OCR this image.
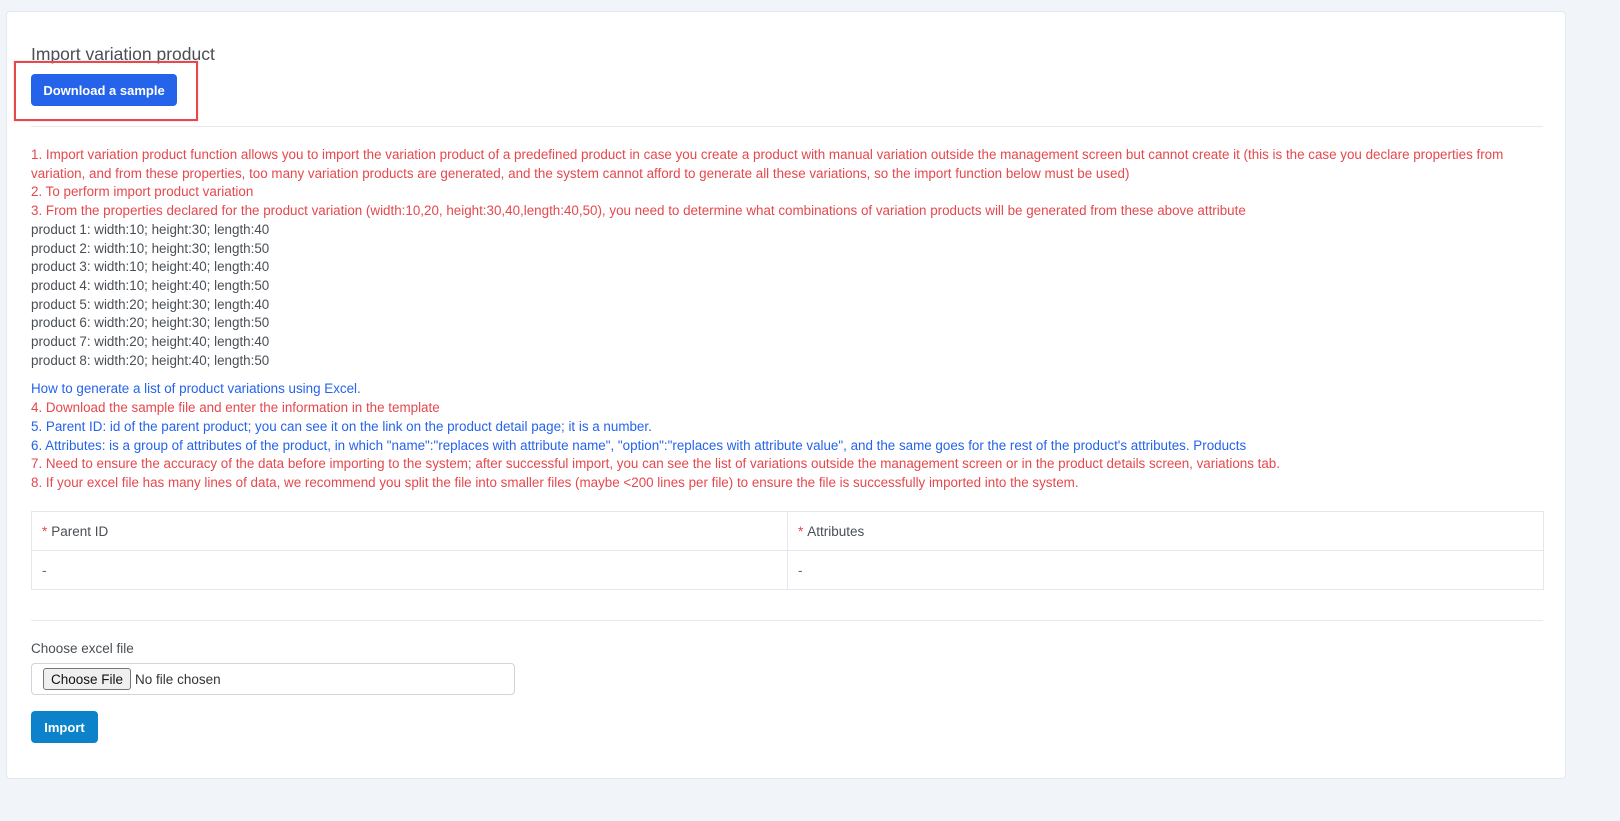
Import variation product
Download a sample
1. Import variation product function allows you to import the variation product of a predefined product in case you create a product with manual variation outside the management screen but cannot create it (this is the case you declare properties from variation, and from these properties, too many variation products are generated, and the system cannot afford to generate all these variations, so the import function below must be used)
2. To perform import product variation
3. From the properties declared for the product variation (width:10,20, height:30,40,length:40,50), you need to determine what combinations of variation products will be generated from these above attribute
product 1: width:10; height:30; length:40
product 2: width:10; height:30; length:50
product 3: width:10; height:40; length:40
product 4: width:10; height:40; length:50
product 5: width:20; height:30; length:40
product 6: width:20; height:30; length:50
product 7: width:20; height:40; length:40
product 8: width:20; height:40; length:50
How to generate a list of product variations using Excel.
4. Download the sample file and enter the information in the template
5. Parent ID: id of the parent product; you can see it on the link on the product detail page; it is a number.
6. Attributes: is a group of attributes of the product, in which "name":"replaces with attribute name", "option":"replaces with attribute value", and the same goes for the rest of the product's attributes. Products
7. Need to ensure the accuracy of the data before importing to the system; after successful import, you can see the list of variations outside the management screen or in the product details screen, variations tab.
8. If your excel file has many lines of data, we recommend you split the file into smaller files (maybe <200 lines per file) to ensure the file is successfully imported into the system.
* Parent ID	* Attributes
-	-
Choose excel file
Choose File No file chosen
Import
